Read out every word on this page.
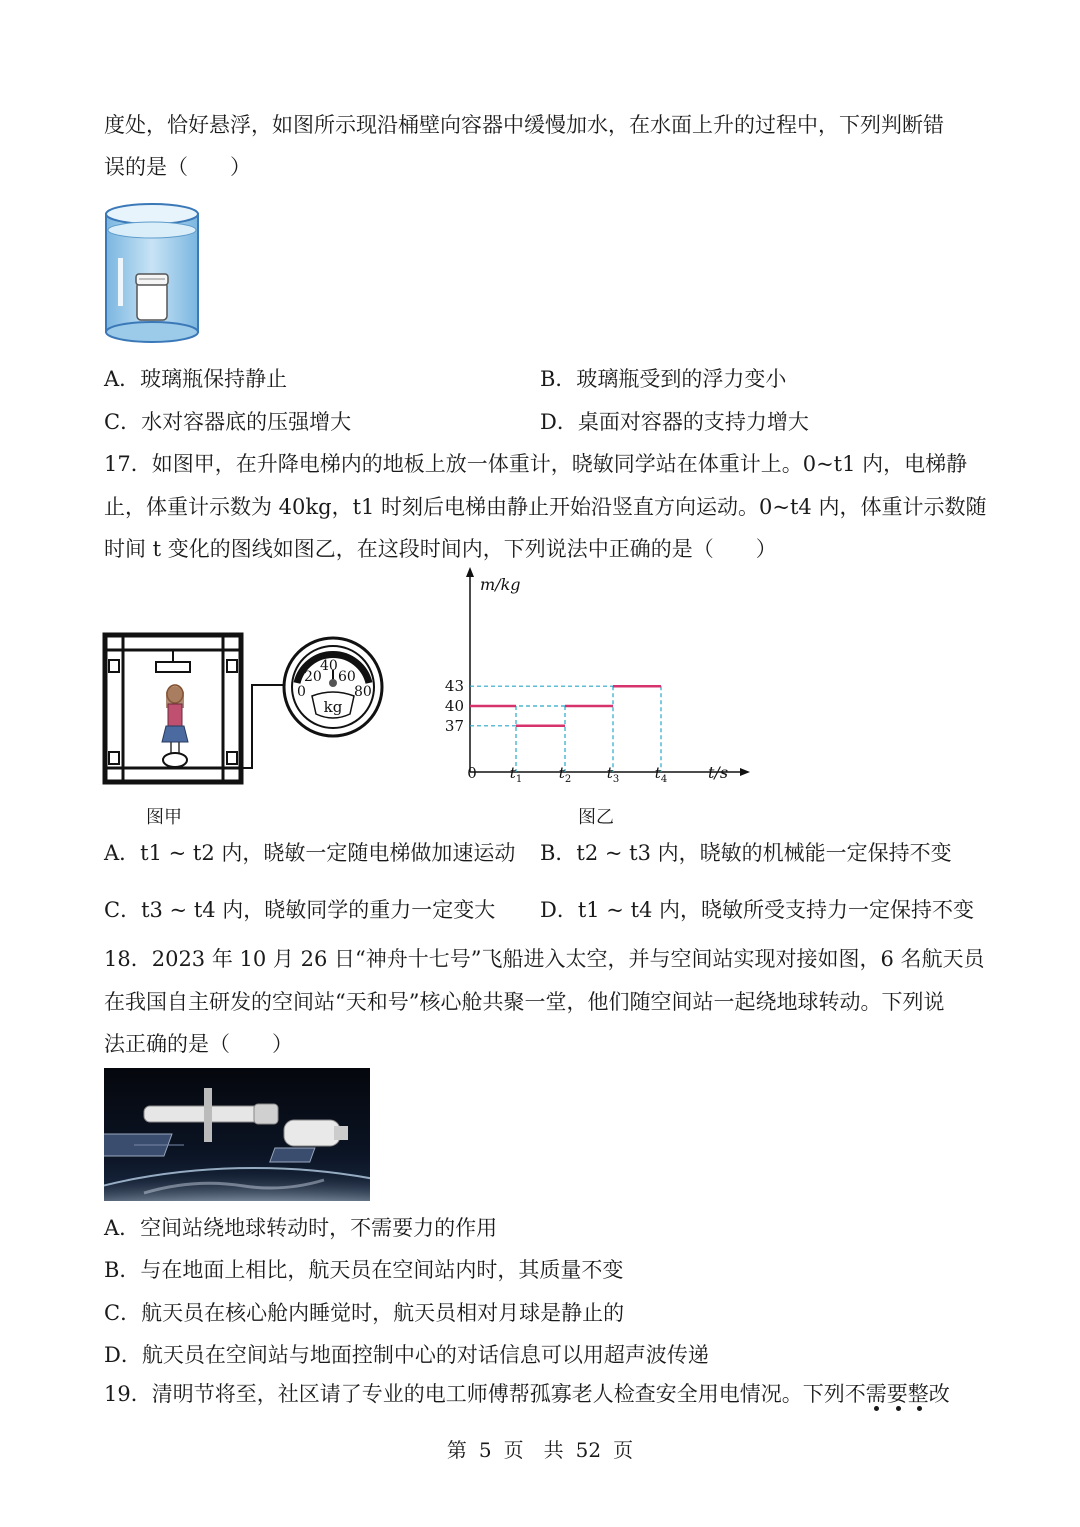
度处，恰好悬浮，如图所示现沿桶壁向容器中缓慢加水，在水面上升的过程中，下列判断错
误的是（　　）
A．玻璃瓶保持静止	B．玻璃瓶受到的浮力变小
C．水对容器底的压强增大	D．桌面对容器的支持力增大
17．如图甲，在升降电梯内的地板上放一体重计，晓敏同学站在体重计上。0~t1 内，电梯静
止，体重计示数为 40kg，t1 时刻后电梯由静止开始沿竖直方向运动。0~t4 内，体重计示数随
时间 t 变化的图线如图乙，在这段时间内，下列说法中正确的是（　　）
40
20 60
0	80
kg
图甲
m/kg
t/s
37
40
43
0 $t_1$ $t_2$ $t_3$ $t_4$
图乙
A．t1 ~ t2 内，晓敏一定随电梯做加速运动 B．t2 ~ t3 内，晓敏的机械能一定保持不变
C．t3 ~ t4 内，晓敏同学的重力一定变大 D．t1 ~ t4 内，晓敏所受支持力一定保持不变
18．2023 年 10 月 26 日“神舟十七号”飞船进入太空，并与空间站实现对接如图，6 名航天员
在我国自主研发的空间站“天和号”核心舱共聚一堂，他们随空间站一起绕地球转动。下列说
法正确的是（　　）
A．空间站绕地球转动时，不需要力的作用
B．与在地面上相比，航天员在空间站内时，其质量不变
C．航天员在核心舱内睡觉时，航天员相对月球是静止的
D．航天员在空间站与地面控制中心的对话信息可以用超声波传递
19．清明节将至，社区请了专业的电工师傅帮孤寡老人检查安全用电情况。下列不需要整改
第 5 页　共 52 页
